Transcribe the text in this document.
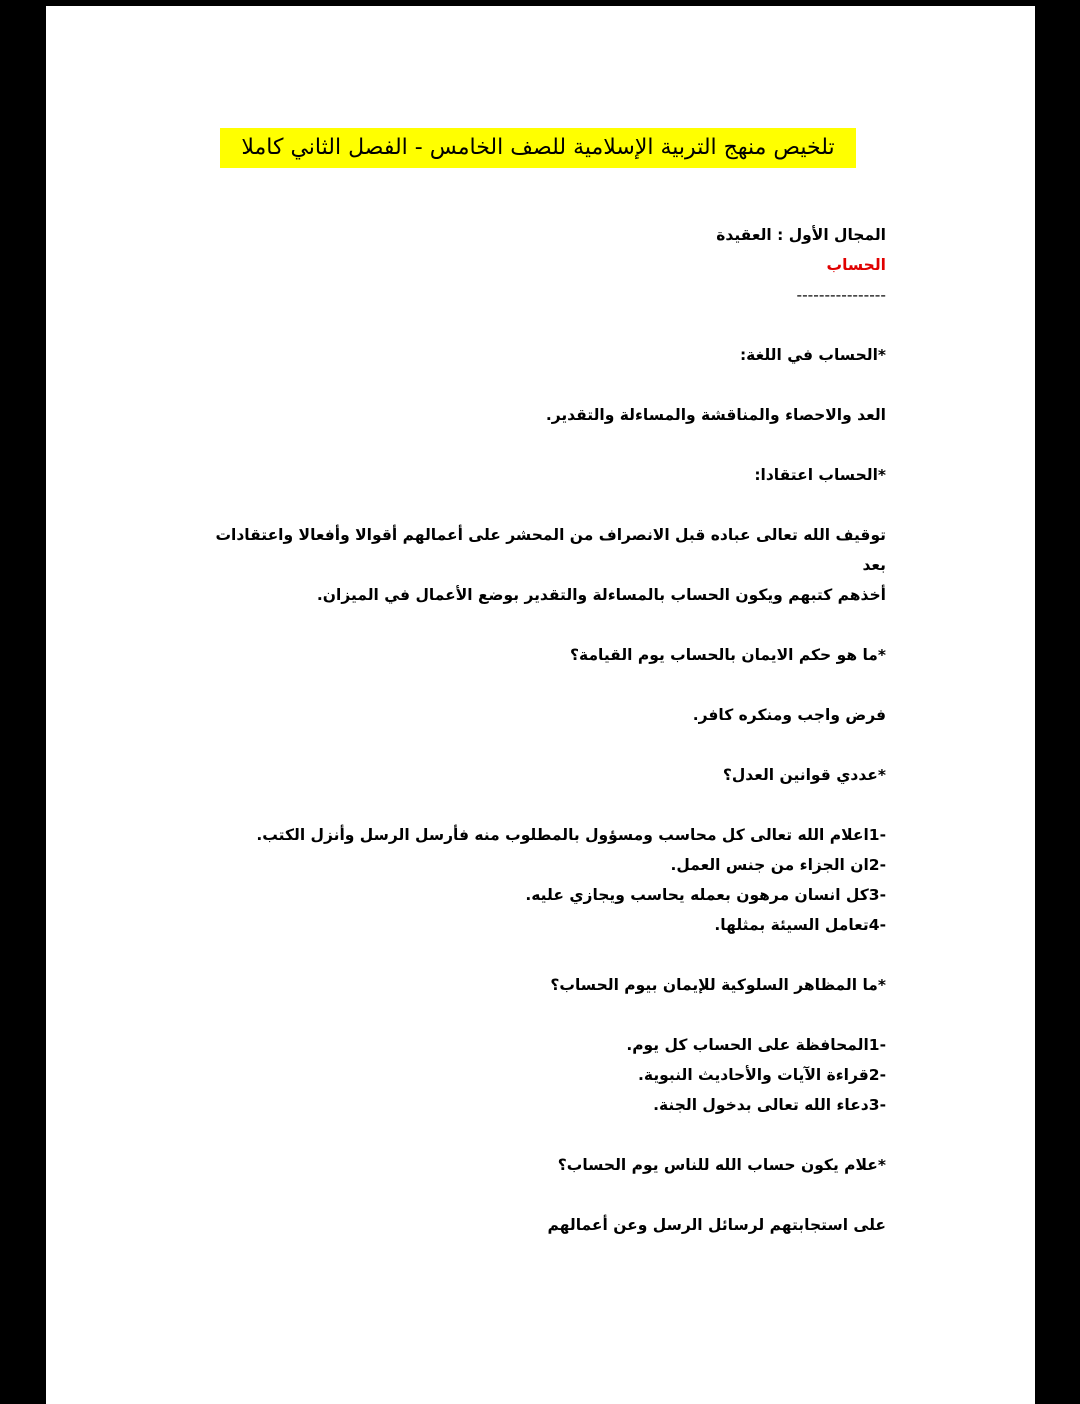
تلخيص منهج التربية الإسلامية للصف الخامس - الفصل الثاني كاملا

المجال الأول : العقيدة

الحساب

----------------

*الحساب في اللغة:

العد والاحصاء والمناقشة والمساءلة والتقدير.

*الحساب اعتقادا:

توقيف الله تعالى عباده قبل الانصراف من المحشر على أعمالهم أقوالا وأفعالا واعتقادات بعد

أخذهم كتبهم ويكون الحساب بالمساءلة والتقدير بوضع الأعمال في الميزان.

*ما هو حكم الايمان بالحساب يوم القيامة؟

فرض واجب ومنكره كافر.

*عددي قوانين العدل؟

-1اعلام الله تعالى كل محاسب ومسؤول بالمطلوب منه فأرسل الرسل وأنزل الكتب.

-2ان الجزاء من جنس العمل.

-3كل انسان مرهون بعمله يحاسب ويجازي عليه.

-4تعامل السيئة بمثلها.

*ما المظاهر السلوكية للإيمان بيوم الحساب؟

-1المحافظة على الحساب كل يوم.

-2قراءة الآيات والأحاديث النبوية.

-3دعاء الله تعالى بدخول الجنة.

*علام يكون حساب الله للناس يوم الحساب؟

على استجابتهم لرسائل الرسل وعن أعمالهم
